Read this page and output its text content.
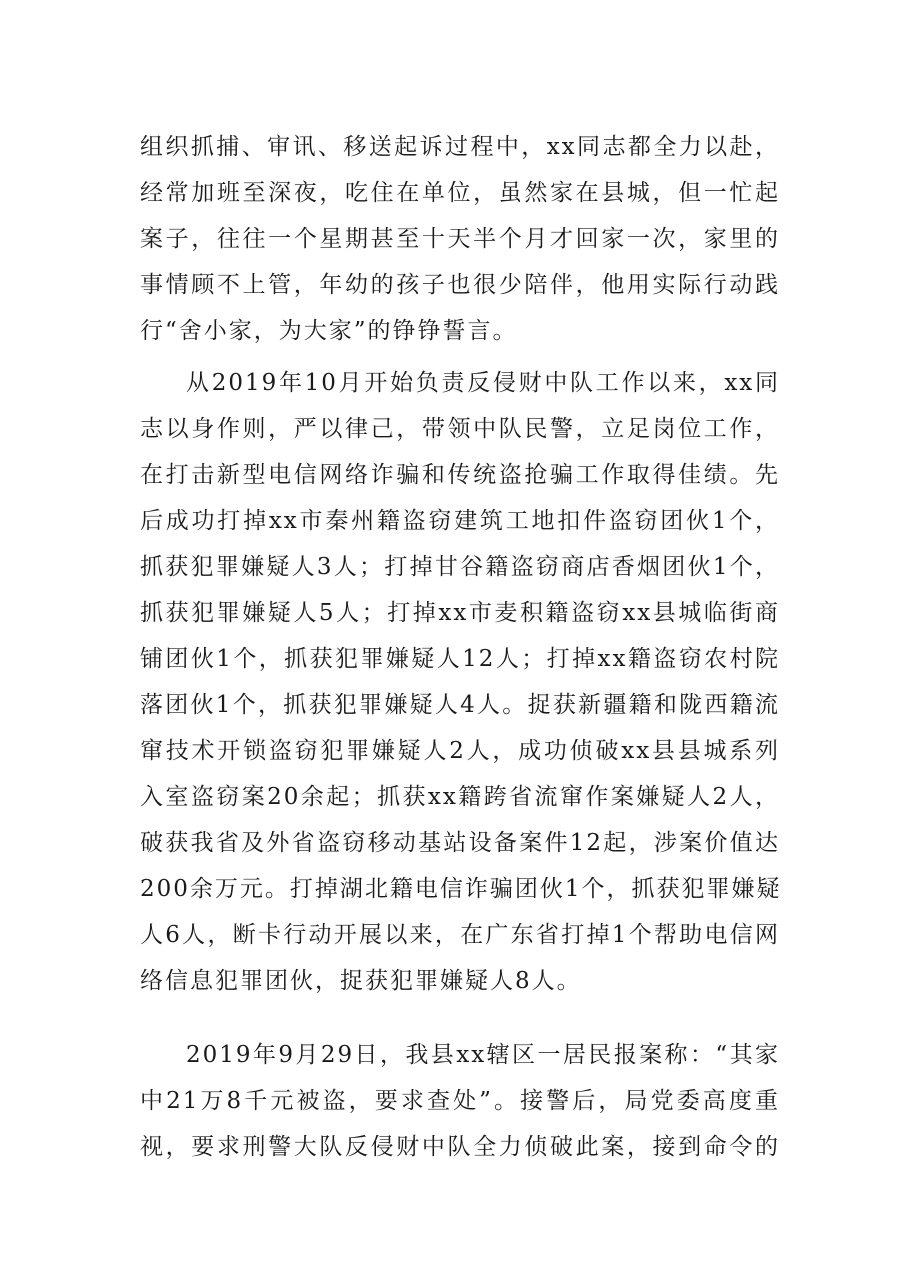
组织抓捕、审讯、移送起诉过程中，xx同志都全力以赴，
经常加班至深夜，吃住在单位，虽然家在县城，但一忙起
案子，往往一个星期甚至十天半个月才回家一次，家里的
事情顾不上管，年幼的孩子也很少陪伴，他用实际行动践
行“舍小家，为大家”的铮铮誓言。
从2019年10月开始负责反侵财中队工作以来，xx同
志以身作则，严以律己，带领中队民警，立足岗位工作，
在打击新型电信网络诈骗和传统盗抢骗工作取得佳绩。先
后成功打掉xx市秦州籍盗窃建筑工地扣件盗窃团伙1个，
抓获犯罪嫌疑人3人；打掉甘谷籍盗窃商店香烟团伙1个，
抓获犯罪嫌疑人5人；打掉xx市麦积籍盗窃xx县城临街商
铺团伙1个，抓获犯罪嫌疑人12人；打掉xx籍盗窃农村院
落团伙1个，抓获犯罪嫌疑人4人。捉获新疆籍和陇西籍流
窜技术开锁盗窃犯罪嫌疑人2人，成功侦破xx县县城系列
入室盗窃案20余起；抓获xx籍跨省流窜作案嫌疑人2人，
破获我省及外省盗窃移动基站设备案件12起，涉案价值达
200余万元。打掉湖北籍电信诈骗团伙1个，抓获犯罪嫌疑
人6人，断卡行动开展以来，在广东省打掉1个帮助电信网
络信息犯罪团伙，捉获犯罪嫌疑人8人。
2019年9月29日，我县xx辖区一居民报案称：“其家
中21万8千元被盗，要求查处”。接警后，局党委高度重
视，要求刑警大队反侵财中队全力侦破此案，接到命令的
